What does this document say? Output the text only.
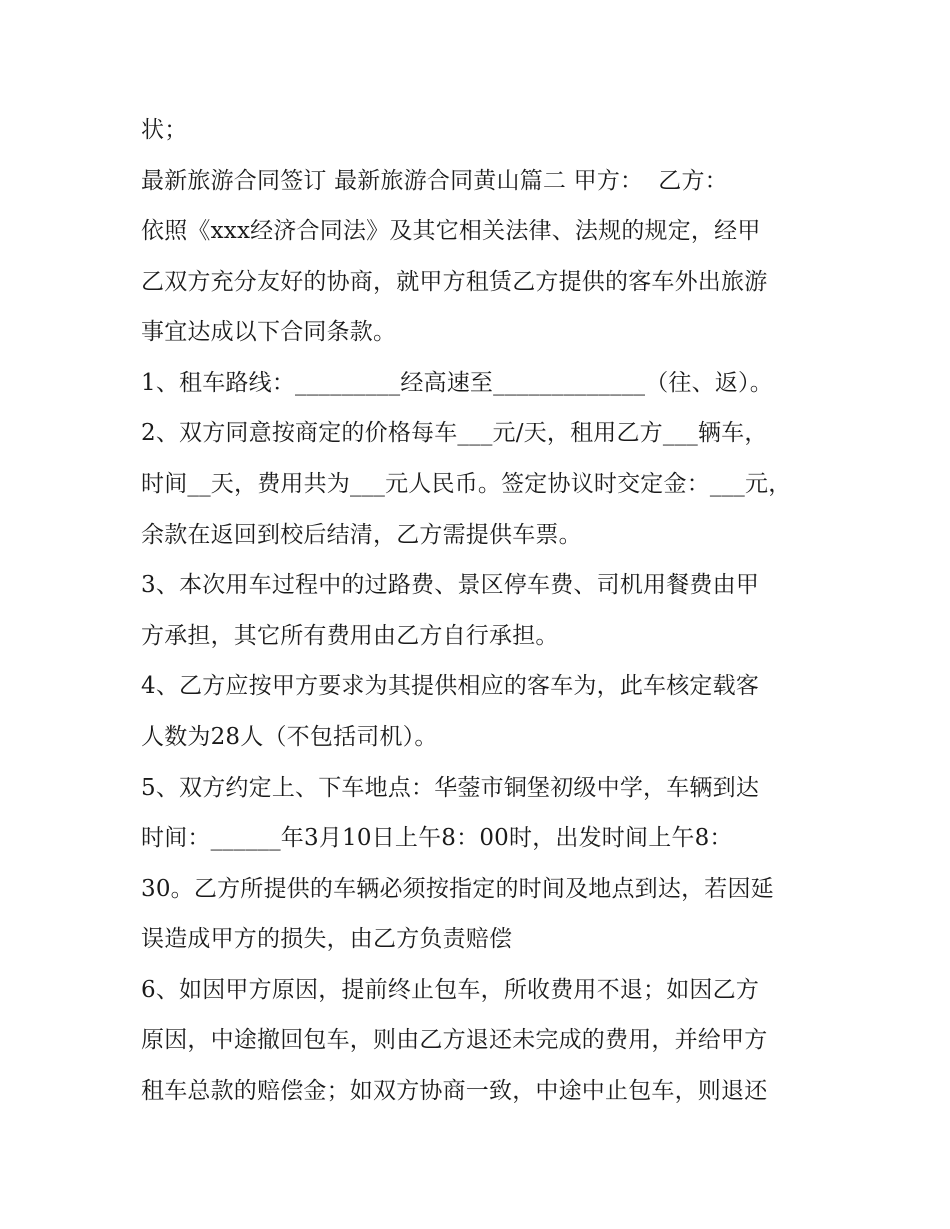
状；
最新旅游合同签订 最新旅游合同黄山篇二 甲方：  乙方：
依照《xxx经济合同法》及其它相关法律、法规的规定，经甲
乙双方充分友好的协商，就甲方租赁乙方提供的客车外出旅游
事宜达成以下合同条款。
1、租车路线：_________经高速至_____________（往、返）。
2、双方同意按商定的价格每车___元/天，租用乙方___辆车，
时间__天，费用共为___元人民币。签定协议时交定金：___元，
余款在返回到校后结清，乙方需提供车票。
3、本次用车过程中的过路费、景区停车费、司机用餐费由甲
方承担，其它所有费用由乙方自行承担。
4、乙方应按甲方要求为其提供相应的客车为，此车核定载客
人数为28人（不包括司机）。
5、双方约定上、下车地点：华蓥市铜堡初级中学，车辆到达
时间：______年3月10日上午8：00时，出发时间上午8：
30。乙方所提供的车辆必须按指定的时间及地点到达，若因延
误造成甲方的损失，由乙方负责赔偿
6、如因甲方原因，提前终止包车，所收费用不退；如因乙方
原因，中途撤回包车，则由乙方退还未完成的费用，并给甲方
租车总款的赔偿金；如双方协商一致，中途中止包车，则退还
